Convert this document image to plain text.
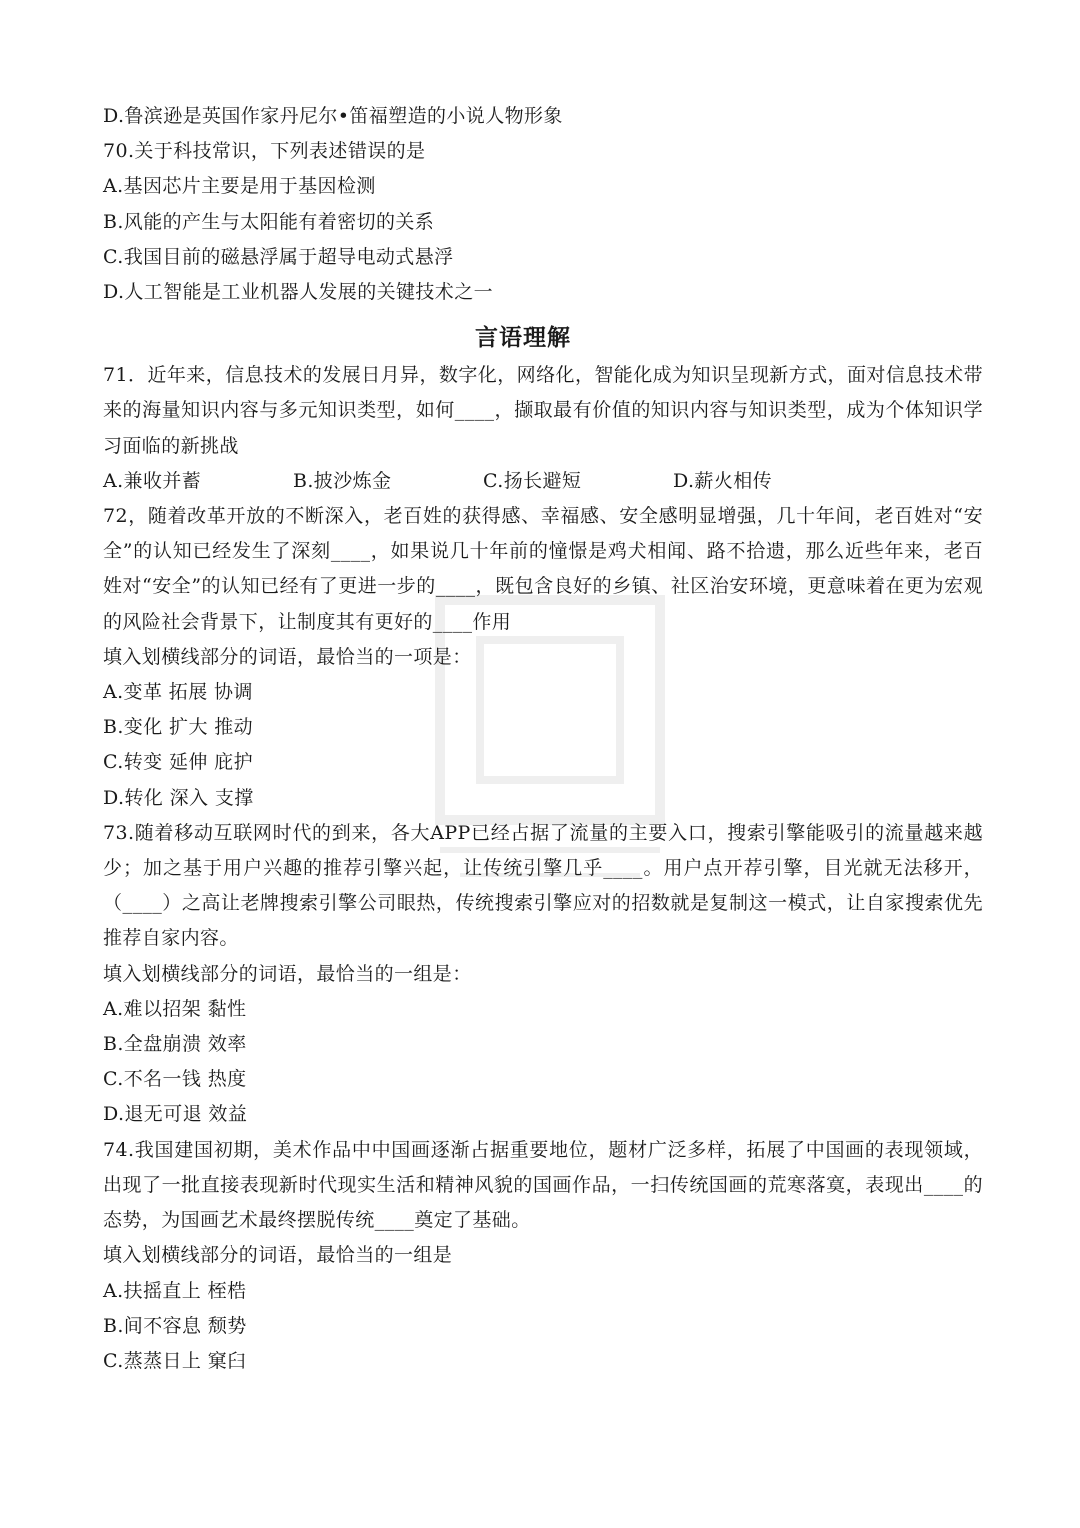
D.鲁滨逊是英国作家丹尼尔•笛福塑造的小说人物形象
70.关于科技常识，下列表述错误的是
A.基因芯片主要是用于基因检测
B.风能的产生与太阳能有着密切的关系
C.我国目前的磁悬浮属于超导电动式悬浮
D.人工智能是工业机器人发展的关键技术之一
言语理解
71．近年来，信息技术的发展日月异，数字化，网络化，智能化成为知识呈现新方式，面对信息技术带来的海量知识内容与多元知识类型，如何____，撷取最有价值的知识内容与知识类型，成为个体知识学习面临的新挑战
A.兼收并蓄	B.披沙炼金	C.扬长避短	D.薪火相传
72，随着改革开放的不断深入，老百姓的获得感、幸福感、安全感明显增强，几十年间，老百姓对“安全”的认知已经发生了深刻____，如果说几十年前的憧憬是鸡犬相闻、路不拾遗，那么近些年来，老百姓对“安全”的认知已经有了更进一步的____，既包含良好的乡镇、社区治安环境，更意味着在更为宏观的风险社会背景下，让制度其有更好的____作用
填入划横线部分的词语，最恰当的一项是：
A.变革 拓展 协调
B.变化 扩大 推动
C.转变 延伸 庇护
D.转化 深入 支撑
73.随着移动互联网时代的到来，各大APP已经占据了流量的主要入口，搜索引擎能吸引的流量越来越少；加之基于用户兴趣的推荐引擎兴起，让传统引擎几乎____。用户点开荐引擎，目光就无法移开，（____）之高让老牌搜索引擎公司眼热，传统搜索引擎应对的招数就是复制这一模式，让自家搜索优先推荐自家内容。
填入划横线部分的词语，最恰当的一组是：
A.难以招架 黏性
B.全盘崩溃 效率
C.不名一钱 热度
D.退无可退 效益
74.我国建国初期，美术作品中中国画逐渐占据重要地位，题材广泛多样，拓展了中国画的表现领域，出现了一批直接表现新时代现实生活和精神风貌的国画作品，一扫传统国画的荒寒落寞，表现出____的态势，为国画艺术最终摆脱传统____奠定了基础。
填入划横线部分的词语，最恰当的一组是
A.扶摇直上 桎梏
B.间不容息 颓势
C.蒸蒸日上 窠臼
